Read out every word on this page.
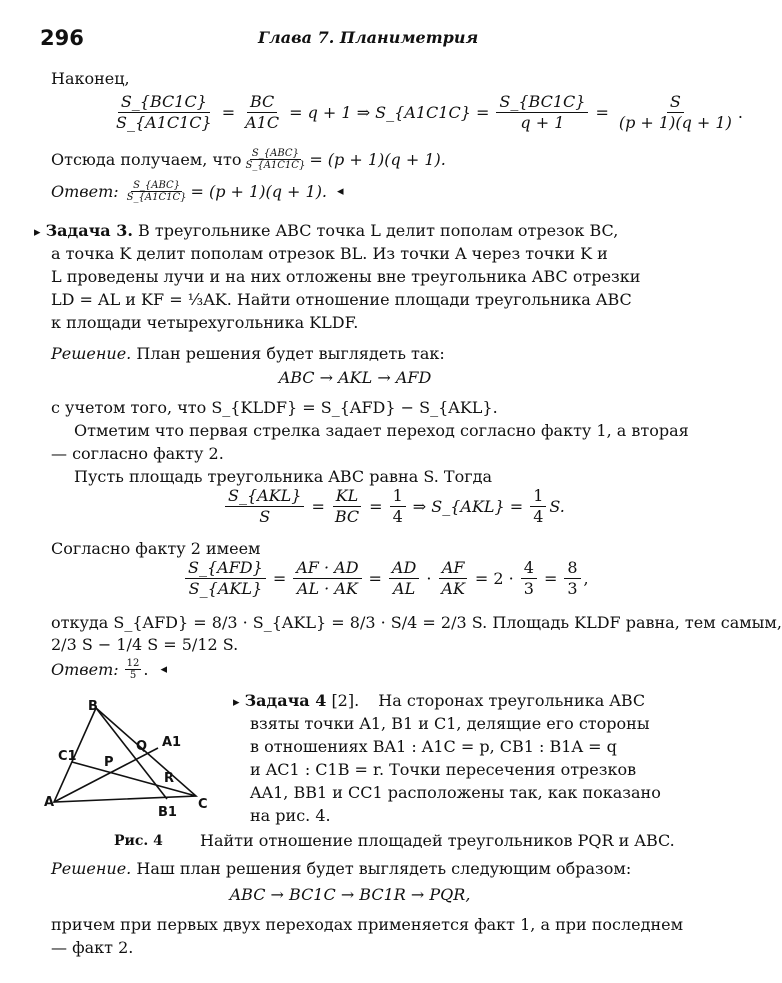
296	Глава 7. Планиметрия
Наконец,
$\frac{S\_\{BC1C\}}{S\_\{A1C1C\}} = \frac{BC}{A1C} = q + 1$ ⇒ S_{A1C1C} = $\frac{S\_\{BC1C\}}{q + 1} = \frac{S}{(p + 1)(q + 1)}$ .
Отсюда получаем, что S_{ABC}
S_{A1C1C} = (p + 1)(q + 1).
Ответ: S_{ABC}
S_{A1C1C} = (p + 1)(q + 1). ◂
▸ Задача 3. В треугольнике ABC точка L делит пополам отрезок BC,
а точка K делит пополам отрезок BL. Из точки A через точки K и
L проведены лучи и на них отложены вне треугольника ABC отрезки
LD = AL и KF = ⅓AK. Найти отношение площади треугольника ABC
к площади четырехугольника KLDF.
Решение. План решения будет выглядеть так:
ABC → AKL → AFD
с учетом того, что S_{KLDF} = S_{AFD} − S_{AKL}.
Отметим что первая стрелка задает переход согласно факту 1, а вторая
— согласно факту 2.
Пусть площадь треугольника ABC равна S. Тогда
$\frac{\text{S\_\{AKL\}}}{S} = \frac{KL}{BC} = \frac{1}{4}$ ⇒ S_{AKL} = $\frac{1}{4} S$.
Согласно факту 2 имеем
$\frac{\text{S\_\{AFD\}}}{\text{S\_\{AKL\}}} = \frac{AF \cdot AD}{AL \cdot AK} = \frac{AD}{AL} \cdot \frac{AF}{AK} = 2 \cdot \frac{4}{3} = \frac{8}{3}$ ,
откуда S_{AFD} = 8/3 · S_{AKL} = 8/3 · S/4 = 2/3 S. Площадь KLDF равна, тем самым,
2/3 S − 1/4 S = 5/12 S.
Ответ: 12
5 . ◂
B
A1
Q
C1 P
R
A
B1
C
Рис. 4
▸ Задача 4 [2]. На сторонах треугольника ABC
взяты точки A1, B1 и C1, делящие его стороны
в отношениях BA1 : A1C = p, CB1 : B1A = q
и AC1 : C1B = r. Точки пересечения отрезков
AA1, BB1 и CC1 расположены так, как показано
на рис. 4.
Найти отношение площадей треугольников PQR и ABC.
Решение. Наш план решения будет выглядеть следующим образом:
ABC → BC1C → BC1R → PQR,
причем при первых двух переходах применяется факт 1, а при последнем
— факт 2.
